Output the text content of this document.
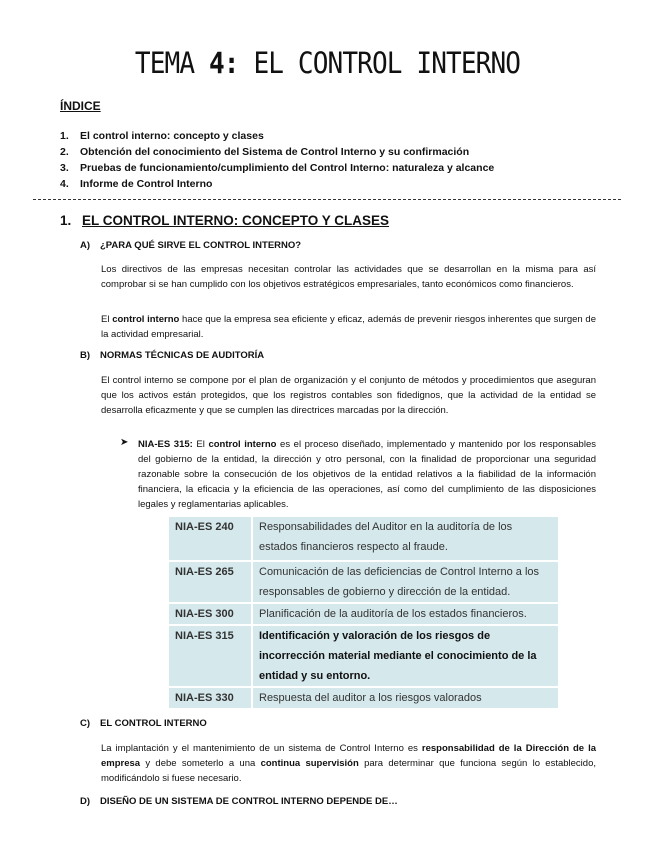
TEMA 4: EL CONTROL INTERNO
ÍNDICE
1. El control interno: concepto y clases
2. Obtención del conocimiento del Sistema de Control Interno y su confirmación
3. Pruebas de funcionamiento/cumplimiento del Control Interno: naturaleza y alcance
4. Informe de Control Interno
1. EL CONTROL INTERNO: CONCEPTO Y CLASES
A) ¿PARA QUÉ SIRVE EL CONTROL INTERNO?

Los directivos de las empresas necesitan controlar las actividades que se desarrollan en la misma para así comprobar si se han cumplido con los objetivos estratégicos empresariales, tanto económicos como financieros.

El control interno hace que la empresa sea eficiente y eficaz, además de prevenir riesgos inherentes que surgen de la actividad empresarial.

B) NORMAS TÉCNICAS DE AUDITORÍA

El control interno se compone por el plan de organización y el conjunto de métodos y procedimientos que aseguran que los activos están protegidos, que los registros contables son fidedignos, que la actividad de la entidad se desarrolla eficazmente y que se cumplen las directrices marcadas por la dirección.

➤ NIA-ES 315: El control interno es el proceso diseñado, implementado y mantenido por los responsables del gobierno de la entidad, la dirección y otro personal, con la finalidad de proporcionar una seguridad razonable sobre la consecución de los objetivos de la entidad relativos a la fiabilidad de la información financiera, la eficacia y la eficiencia de las operaciones, así como del cumplimiento de las disposiciones legales y reglamentarias aplicables.

NIA-ES 240	Responsabilidades del Auditor en la auditoría de los estados financieros respecto al fraude.
NIA-ES 265	Comunicación de las deficiencias de Control Interno a los responsables de gobierno y dirección de la entidad.
NIA-ES 300	Planificación de la auditoría de los estados financieros.
NIA-ES 315	Identificación y valoración de los riesgos de incorrección material mediante el conocimiento de la entidad y su entorno.
NIA-ES 330	Respuesta del auditor a los riesgos valorados
C) EL CONTROL INTERNO

La implantación y el mantenimiento de un sistema de Control Interno es responsabilidad de la Dirección de la empresa y debe someterlo a una continua supervisión para determinar que funciona según lo establecido, modificándolo si fuese necesario.

D) DISEÑO DE UN SISTEMA DE CONTROL INTERNO DEPENDE DE…
